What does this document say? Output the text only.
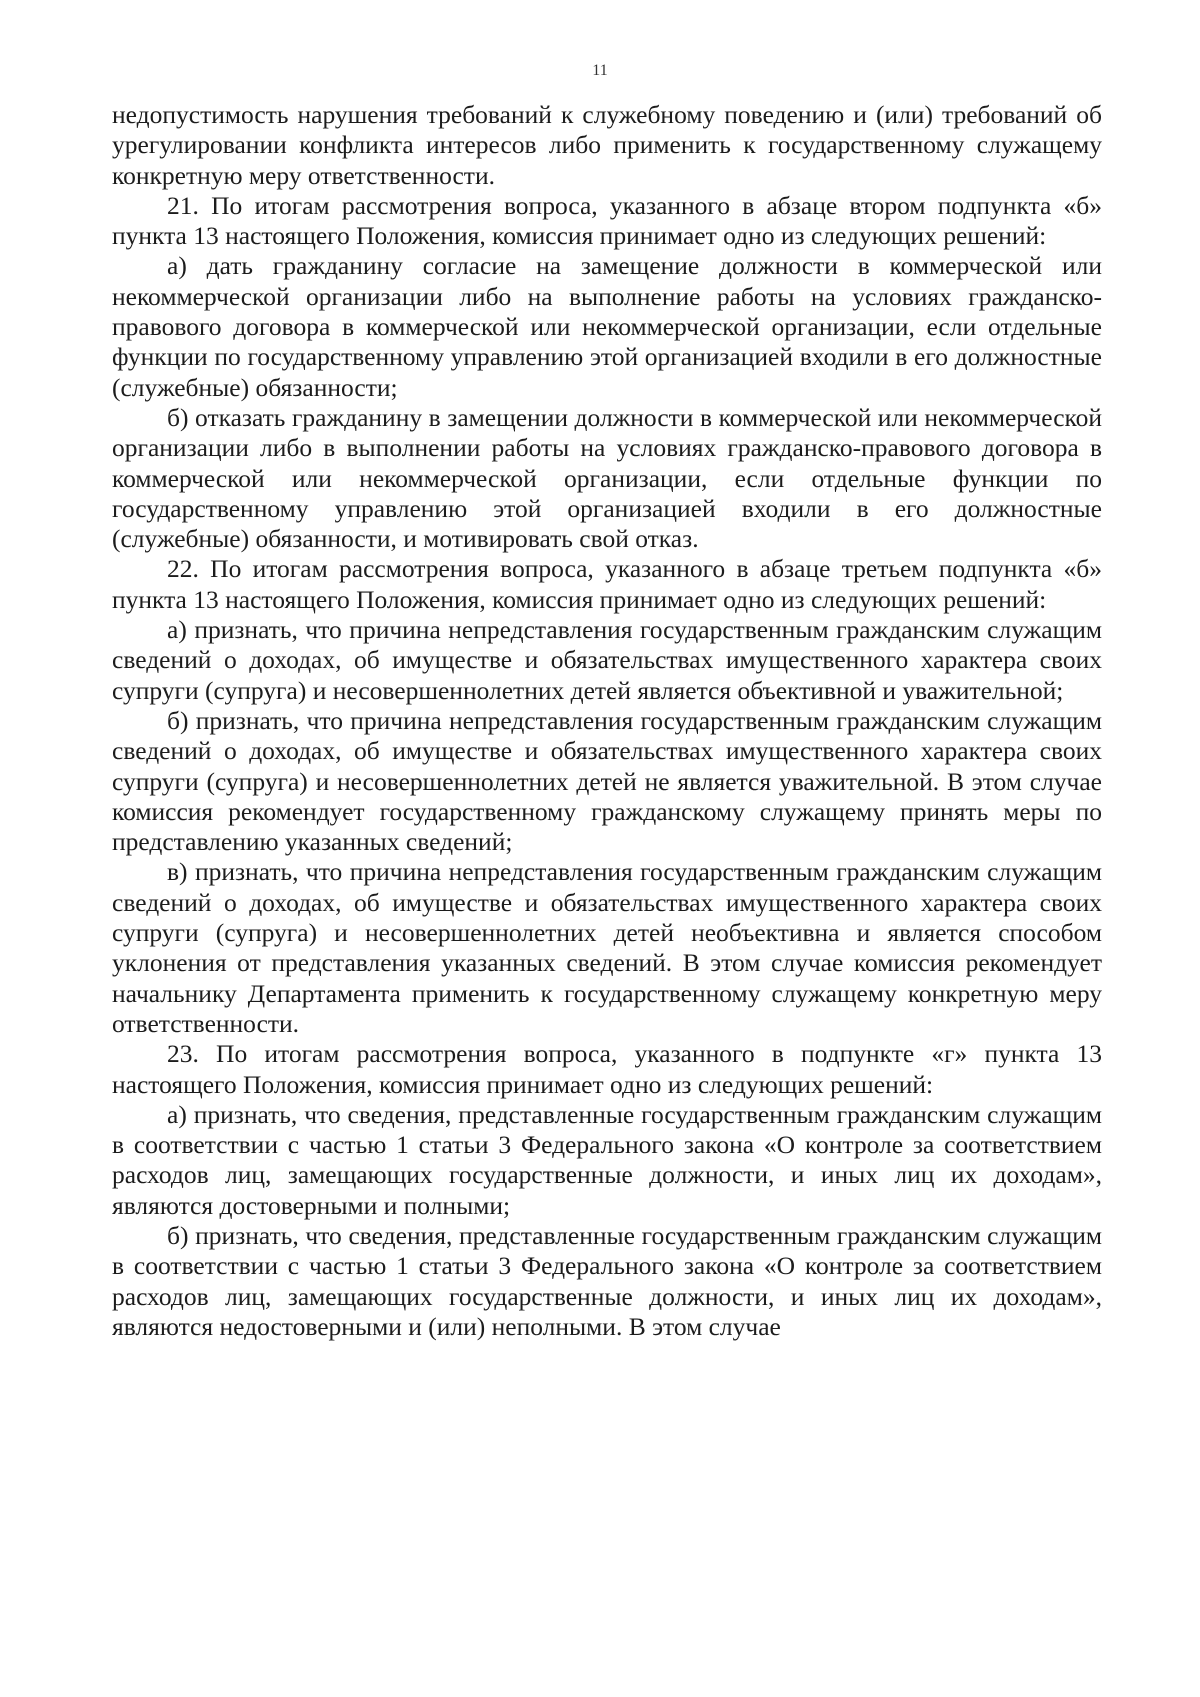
11

недопустимость нарушения требований к служебному поведению и (или) требований об урегулировании конфликта интересов либо применить к государственному служащему конкретную меру ответственности.

21. По итогам рассмотрения вопроса, указанного в абзаце втором подпункта «б» пункта 13 настоящего Положения, комиссия принимает одно из следующих решений:

а) дать гражданину согласие на замещение должности в коммерческой или некоммерческой организации либо на выполнение работы на условиях гражданско-правового договора в коммерческой или некоммерческой организации, если отдельные функции по государственному управлению этой организацией входили в его должностные (служебные) обязанности;

б) отказать гражданину в замещении должности в коммерческой или некоммерческой организации либо в выполнении работы на условиях гражданско-правового договора в коммерческой или некоммерческой организации, если отдельные функции по государственному управлению этой организацией входили в его должностные (служебные) обязанности, и мотивировать свой отказ.

22. По итогам рассмотрения вопроса, указанного в абзаце третьем подпункта «б» пункта 13 настоящего Положения, комиссия принимает одно из следующих решений:

а) признать, что причина непредставления государственным гражданским служащим сведений о доходах, об имуществе и обязательствах имущественного характера своих супруги (супруга) и несовершеннолетних детей является объективной и уважительной;

б) признать, что причина непредставления государственным гражданским служащим сведений о доходах, об имуществе и обязательствах имущественного характера своих супруги (супруга) и несовершеннолетних детей не является уважительной. В этом случае комиссия рекомендует государственному гражданскому служащему принять меры по представлению указанных сведений;

в) признать, что причина непредставления государственным гражданским служащим сведений о доходах, об имуществе и обязательствах имущественного характера своих супруги (супруга) и несовершеннолетних детей необъективна и является способом уклонения от представления указанных сведений. В этом случае комиссия рекомендует начальнику Департамента применить к государственному служащему конкретную меру ответственности.

23. По итогам рассмотрения вопроса, указанного в подпункте «г» пункта 13 настоящего Положения, комиссия принимает одно из следующих решений:

а) признать, что сведения, представленные государственным гражданским служащим в соответствии с частью 1 статьи 3 Федерального закона «О контроле за соответствием расходов лиц, замещающих государственные должности, и иных лиц их доходам», являются достоверными и полными;

б) признать, что сведения, представленные государственным гражданским служащим в соответствии с частью 1 статьи 3 Федерального закона «О контроле за соответствием расходов лиц, замещающих государственные должности, и иных лиц их доходам», являются недостоверными и (или) неполными. В этом случае
